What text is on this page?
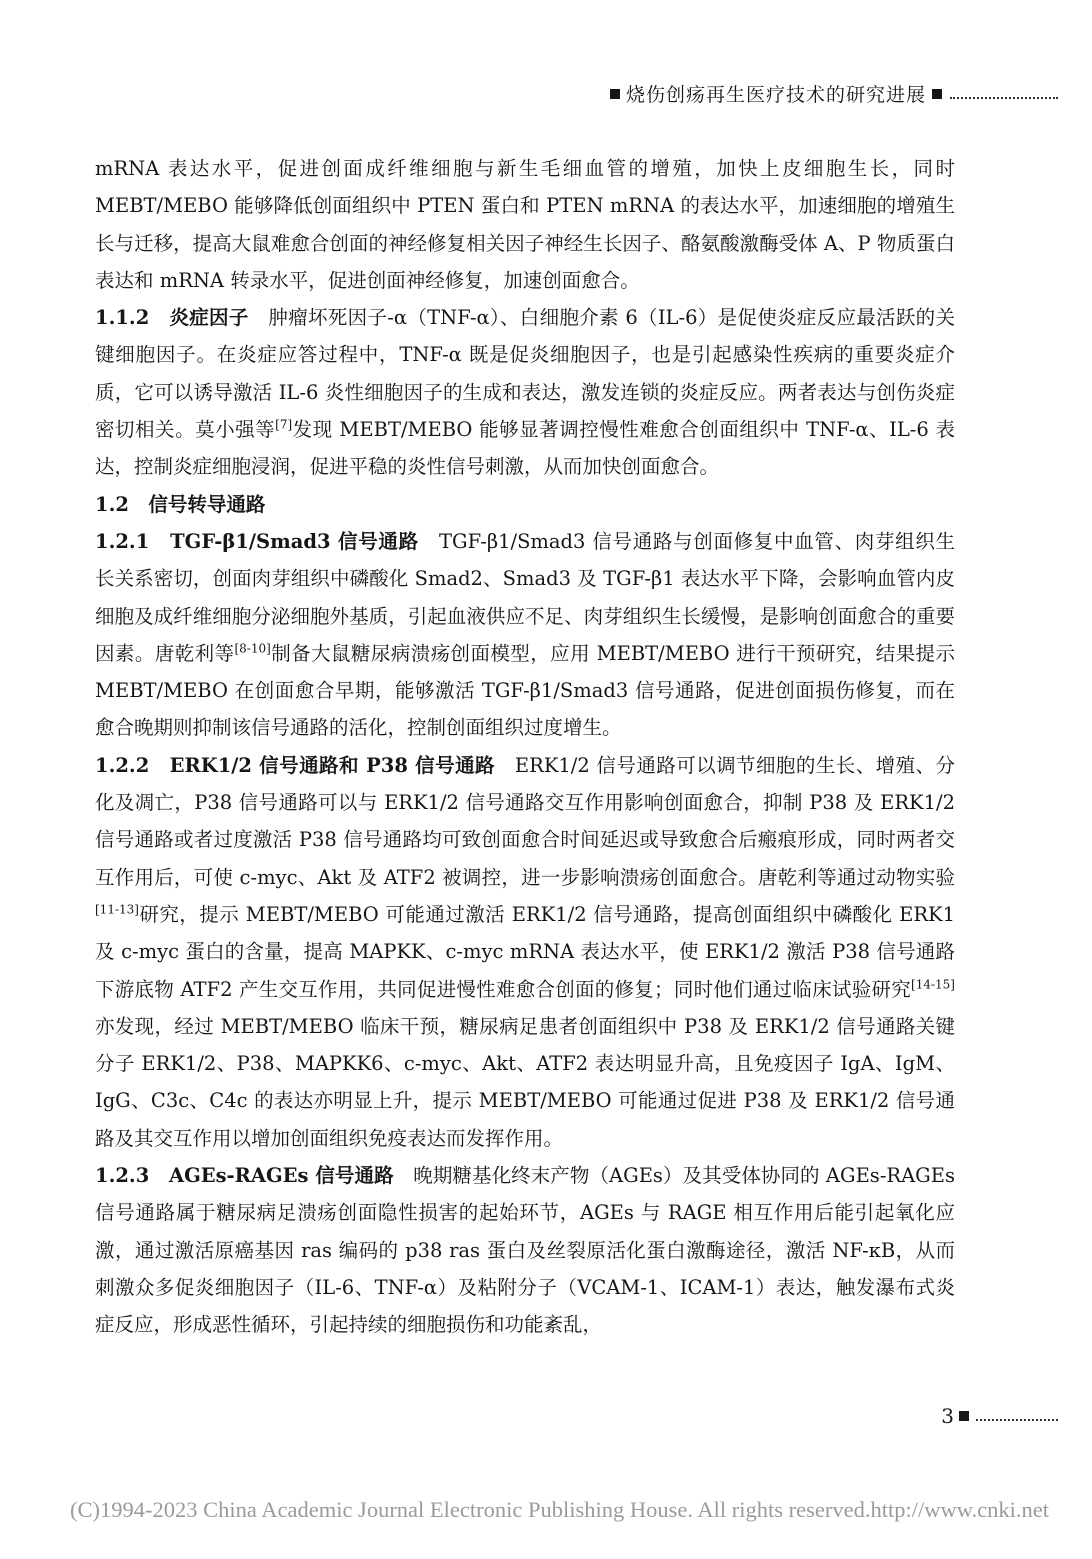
烧伤创疡再生医疗技术的研究进展

mRNA 表达水平，促进创面成纤维细胞与新生毛细血管的增殖，加快上皮细胞生长，同时 MEBT/MEBO 能够降低创面组织中 PTEN 蛋白和 PTEN mRNA 的表达水平，加速细胞的增殖生长与迁移，提高大鼠难愈合创面的神经修复相关因子神经生长因子、酪氨酸激酶受体 A、P 物质蛋白表达和 mRNA 转录水平，促进创面神经修复，加速创面愈合。

1.1.2　炎症因子　肿瘤坏死因子-α（TNF-α）、白细胞介素 6（IL-6）是促使炎症反应最活跃的关键细胞因子。在炎症应答过程中，TNF-α 既是促炎细胞因子，也是引起感染性疾病的重要炎症介质，它可以诱导激活 IL-6 炎性细胞因子的生成和表达，激发连锁的炎症反应。两者表达与创伤炎症密切相关。莫小强等[7]发现 MEBT/MEBO 能够显著调控慢性难愈合创面组织中 TNF-α、IL-6 表达，控制炎症细胞浸润，促进平稳的炎性信号刺激，从而加快创面愈合。

1.2　信号转导通路

1.2.1　TGF-β1/Smad3 信号通路　TGF-β1/Smad3 信号通路与创面修复中血管、肉芽组织生长关系密切，创面肉芽组织中磷酸化 Smad2、Smad3 及 TGF-β1 表达水平下降，会影响血管内皮细胞及成纤维细胞分泌细胞外基质，引起血液供应不足、肉芽组织生长缓慢，是影响创面愈合的重要因素。唐乾利等[8-10]制备大鼠糖尿病溃疡创面模型，应用 MEBT/MEBO 进行干预研究，结果提示 MEBT/MEBO 在创面愈合早期，能够激活 TGF-β1/Smad3 信号通路，促进创面损伤修复，而在愈合晚期则抑制该信号通路的活化，控制创面组织过度增生。

1.2.2　ERK1/2 信号通路和 P38 信号通路　ERK1/2 信号通路可以调节细胞的生长、增殖、分化及凋亡，P38 信号通路可以与 ERK1/2 信号通路交互作用影响创面愈合，抑制 P38 及 ERK1/2 信号通路或者过度激活 P38 信号通路均可致创面愈合时间延迟或导致愈合后瘢痕形成，同时两者交互作用后，可使 c-myc、Akt 及 ATF2 被调控，进一步影响溃疡创面愈合。唐乾利等通过动物实验[11-13]研究，提示 MEBT/MEBO 可能通过激活 ERK1/2 信号通路，提高创面组织中磷酸化 ERK1 及 c-myc 蛋白的含量，提高 MAPKK、c-myc mRNA 表达水平，使 ERK1/2 激活 P38 信号通路下游底物 ATF2 产生交互作用，共同促进慢性难愈合创面的修复；同时他们通过临床试验研究[14-15]亦发现，经过 MEBT/MEBO 临床干预，糖尿病足患者创面组织中 P38 及 ERK1/2 信号通路关键分子 ERK1/2、P38、MAPKK6、c-myc、Akt、ATF2 表达明显升高，且免疫因子 IgA、IgM、IgG、C3c、C4c 的表达亦明显上升，提示 MEBT/MEBO 可能通过促进 P38 及 ERK1/2 信号通路及其交互作用以增加创面组织免疫表达而发挥作用。

1.2.3　AGEs-RAGEs 信号通路　晚期糖基化终末产物（AGEs）及其受体协同的 AGEs-RAGEs 信号通路属于糖尿病足溃疡创面隐性损害的起始环节，AGEs 与 RAGE 相互作用后能引起氧化应激，通过激活原癌基因 ras 编码的 p38 ras 蛋白及丝裂原活化蛋白激酶途径，激活 NF-κB，从而刺激众多促炎细胞因子（IL-6、TNF-α）及粘附分子（VCAM-1、ICAM-1）表达，触发瀑布式炎症反应，形成恶性循环，引起持续的细胞损伤和功能紊乱，

3
(C)1994-2023 China Academic Journal Electronic Publishing House. All rights reserved. http://www.cnki.net
